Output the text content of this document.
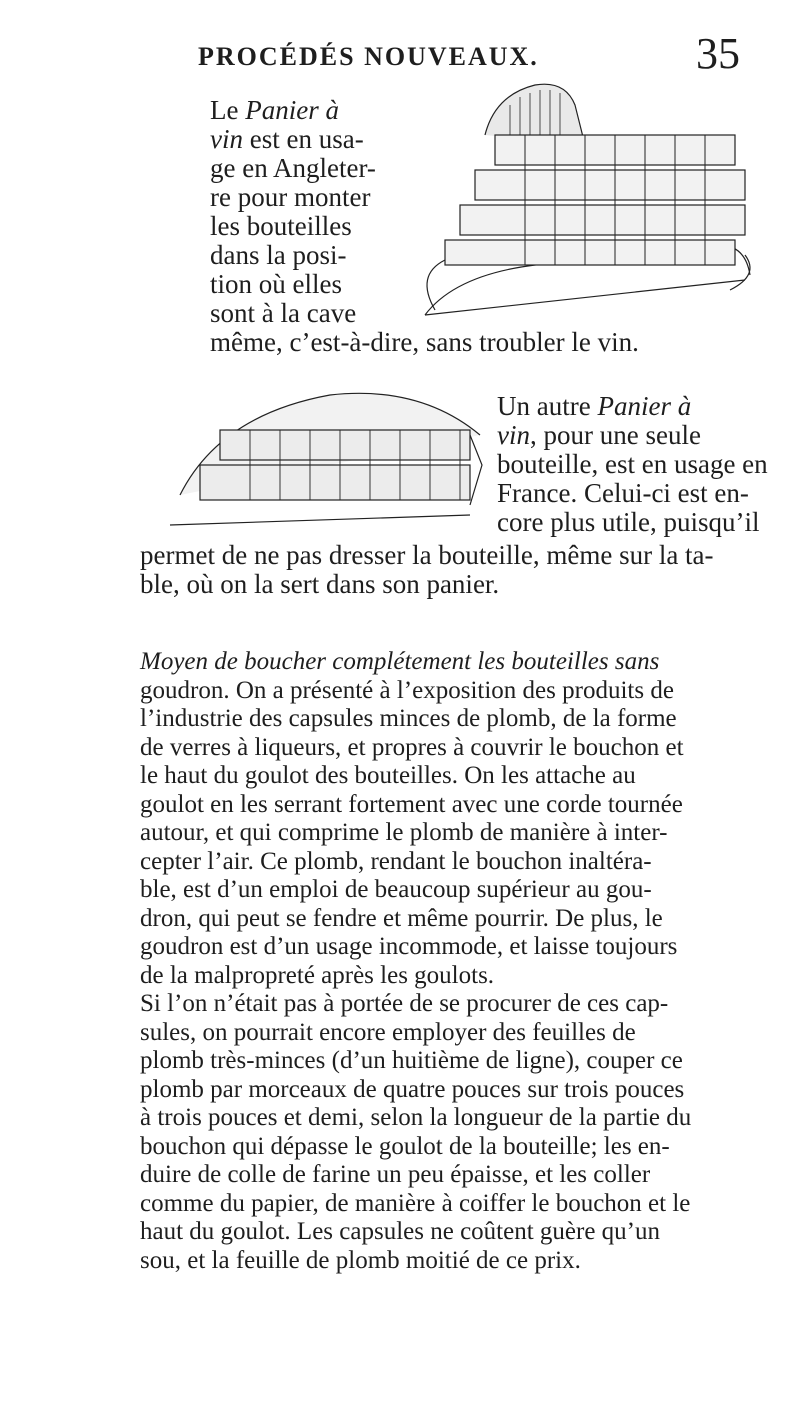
PROCÉDÉS NOUVEAUX.	35
Le Panier à
vin est en usa-
ge en Angleter-
re pour monter
les bouteilles
dans la posi-
tion où elles
sont à la cave
même, c’est-à-dire, sans troubler le vin.
Un autre Panier à
vin, pour une seule
bouteille, est en usage en
France. Celui-ci est en-
core plus utile, puisqu’il
permet de ne pas dresser la bouteille, même sur la ta-
ble, où on la sert dans son panier.
Moyen de boucher complétement les bouteilles sans
goudron. On a présenté à l’exposition des produits de
l’industrie des capsules minces de plomb, de la forme
de verres à liqueurs, et propres à couvrir le bouchon et
le haut du goulot des bouteilles. On les attache au
goulot en les serrant fortement avec une corde tournée
autour, et qui comprime le plomb de manière à inter-
cepter l’air. Ce plomb, rendant le bouchon inaltéra-
ble, est d’un emploi de beaucoup supérieur au gou-
dron, qui peut se fendre et même pourrir. De plus, le
goudron est d’un usage incommode, et laisse toujours
de la malpropreté après les goulots.
Si l’on n’était pas à portée de se procurer de ces cap-
sules, on pourrait encore employer des feuilles de
plomb très-minces (d’un huitième de ligne), couper ce
plomb par morceaux de quatre pouces sur trois pouces
à trois pouces et demi, selon la longueur de la partie du
bouchon qui dépasse le goulot de la bouteille; les en-
duire de colle de farine un peu épaisse, et les coller
comme du papier, de manière à coiffer le bouchon et le
haut du goulot. Les capsules ne coûtent guère qu’un
sou, et la feuille de plomb moitié de ce prix.
